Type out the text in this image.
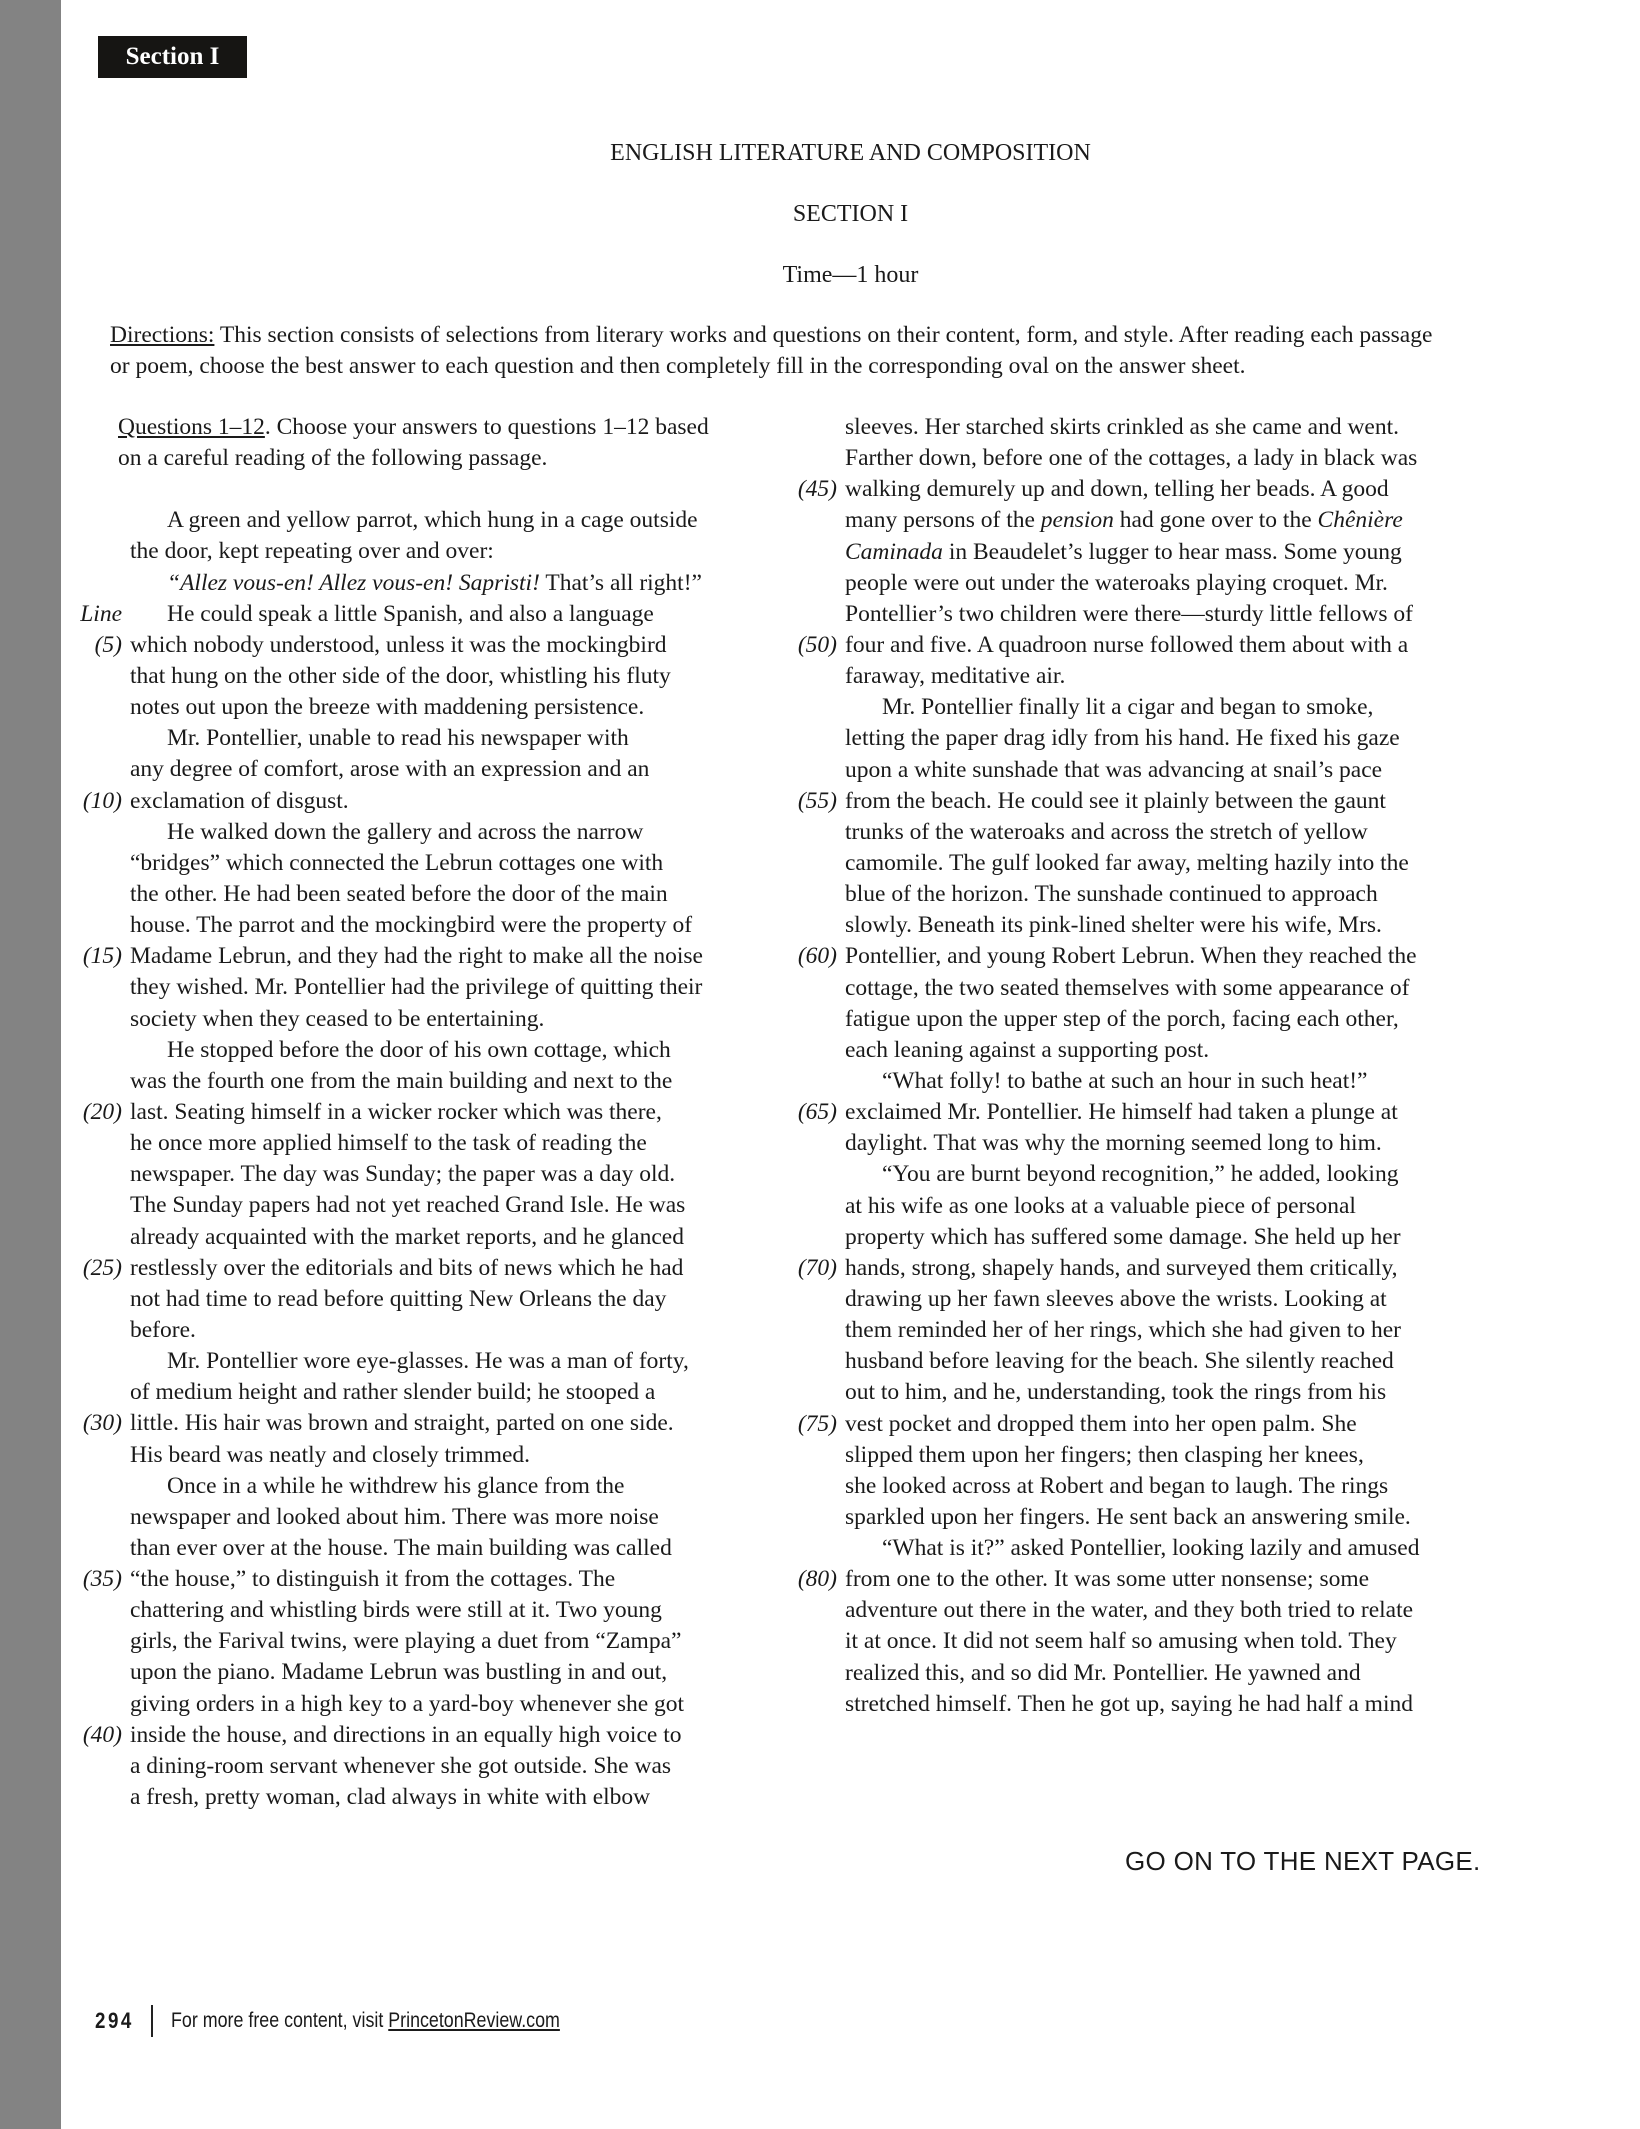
Section I
ENGLISH LITERATURE AND COMPOSITION
SECTION I
Time—1 hour
Directions: This section consists of selections from literary works and questions on their content, form, and style. After reading each passage or poem, choose the best answer to each question and then completely fill in the corresponding oval on the answer sheet.
Questions 1–12. Choose your answers to questions 1–12 based
on a careful reading of the following passage.
A green and yellow parrot, which hung in a cage outside
the door, kept repeating over and over:
“Allez vous-en! Allez vous-en! Sapristi! That’s all right!”
Line He could speak a little Spanish, and also a language
(5) which nobody understood, unless it was the mockingbird
that hung on the other side of the door, whistling his fluty
notes out upon the breeze with maddening persistence.
Mr. Pontellier, unable to read his newspaper with
any degree of comfort, arose with an expression and an
(10) exclamation of disgust.
He walked down the gallery and across the narrow
“bridges” which connected the Lebrun cottages one with
the other. He had been seated before the door of the main
house. The parrot and the mockingbird were the property of
(15) Madame Lebrun, and they had the right to make all the noise
they wished. Mr. Pontellier had the privilege of quitting their
society when they ceased to be entertaining.
He stopped before the door of his own cottage, which
was the fourth one from the main building and next to the
(20) last. Seating himself in a wicker rocker which was there,
he once more applied himself to the task of reading the
newspaper. The day was Sunday; the paper was a day old.
The Sunday papers had not yet reached Grand Isle. He was
already acquainted with the market reports, and he glanced
(25) restlessly over the editorials and bits of news which he had
not had time to read before quitting New Orleans the day
before.
Mr. Pontellier wore eye-glasses. He was a man of forty,
of medium height and rather slender build; he stooped a
(30) little. His hair was brown and straight, parted on one side.
His beard was neatly and closely trimmed.
Once in a while he withdrew his glance from the
newspaper and looked about him. There was more noise
than ever over at the house. The main building was called
(35) “the house,” to distinguish it from the cottages. The
chattering and whistling birds were still at it. Two young
girls, the Farival twins, were playing a duet from “Zampa”
upon the piano. Madame Lebrun was bustling in and out,
giving orders in a high key to a yard-boy whenever she got
(40) inside the house, and directions in an equally high voice to
a dining-room servant whenever she got outside. She was
a fresh, pretty woman, clad always in white with elbow
sleeves. Her starched skirts crinkled as she came and went.
Farther down, before one of the cottages, a lady in black was
(45) walking demurely up and down, telling her beads. A good
many persons of the pension had gone over to the Chênière
Caminada in Beaudelet’s lugger to hear mass. Some young
people were out under the wateroaks playing croquet. Mr.
Pontellier’s two children were there—sturdy little fellows of
(50) four and five. A quadroon nurse followed them about with a
faraway, meditative air.
Mr. Pontellier finally lit a cigar and began to smoke,
letting the paper drag idly from his hand. He fixed his gaze
upon a white sunshade that was advancing at snail’s pace
(55) from the beach. He could see it plainly between the gaunt
trunks of the wateroaks and across the stretch of yellow
camomile. The gulf looked far away, melting hazily into the
blue of the horizon. The sunshade continued to approach
slowly. Beneath its pink-lined shelter were his wife, Mrs.
(60) Pontellier, and young Robert Lebrun. When they reached the
cottage, the two seated themselves with some appearance of
fatigue upon the upper step of the porch, facing each other,
each leaning against a supporting post.
“What folly! to bathe at such an hour in such heat!”
(65) exclaimed Mr. Pontellier. He himself had taken a plunge at
daylight. That was why the morning seemed long to him.
“You are burnt beyond recognition,” he added, looking
at his wife as one looks at a valuable piece of personal
property which has suffered some damage. She held up her
(70) hands, strong, shapely hands, and surveyed them critically,
drawing up her fawn sleeves above the wrists. Looking at
them reminded her of her rings, which she had given to her
husband before leaving for the beach. She silently reached
out to him, and he, understanding, took the rings from his
(75) vest pocket and dropped them into her open palm. She
slipped them upon her fingers; then clasping her knees,
she looked across at Robert and began to laugh. The rings
sparkled upon her fingers. He sent back an answering smile.
“What is it?” asked Pontellier, looking lazily and amused
(80) from one to the other. It was some utter nonsense; some
adventure out there in the water, and they both tried to relate
it at once. It did not seem half so amusing when told. They
realized this, and so did Mr. Pontellier. He yawned and
stretched himself. Then he got up, saying he had half a mind
GO ON TO THE NEXT PAGE.
294 For more free content, visit PrincetonReview.com
